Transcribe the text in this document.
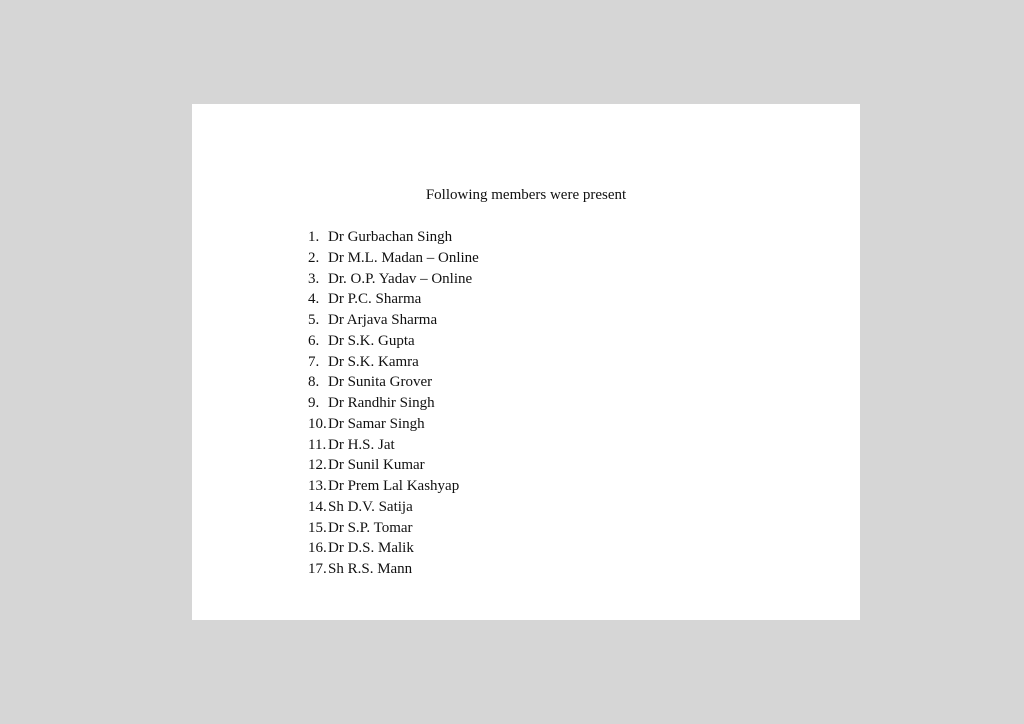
Following members were present
1. Dr Gurbachan Singh
2. Dr M.L. Madan – Online
3. Dr. O.P. Yadav – Online
4. Dr P.C. Sharma
5. Dr Arjava Sharma
6. Dr S.K. Gupta
7. Dr S.K. Kamra
8. Dr Sunita Grover
9. Dr Randhir Singh
10. Dr Samar Singh
11. Dr H.S. Jat
12. Dr Sunil Kumar
13. Dr Prem Lal Kashyap
14. Sh D.V. Satija
15. Dr S.P. Tomar
16. Dr D.S. Malik
17. Sh R.S. Mann
